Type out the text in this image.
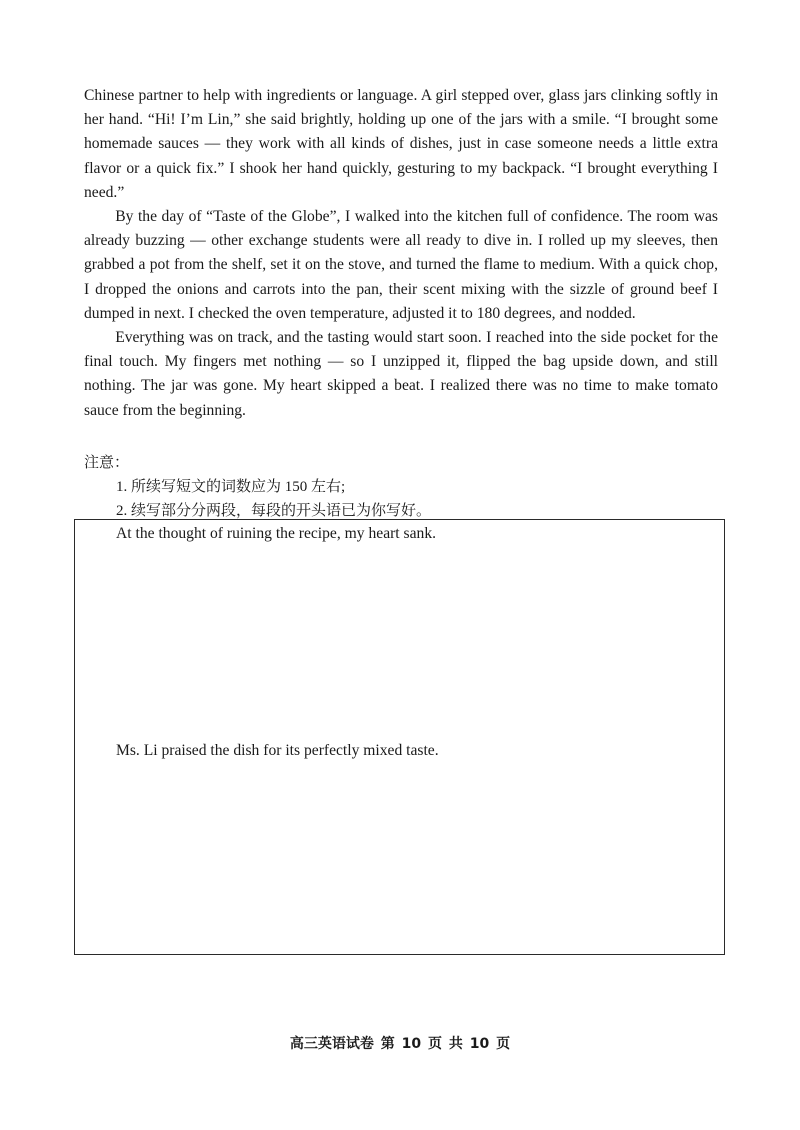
Chinese partner to help with ingredients or language. A girl stepped over, glass jars clinking softly in her hand. “Hi! I’m Lin,” she said brightly, holding up one of the jars with a smile. “I brought some homemade sauces — they work with all kinds of dishes, just in case someone needs a little extra flavor or a quick fix.” I shook her hand quickly, gesturing to my backpack. “I brought everything I need.”

By the day of “Taste of the Globe”, I walked into the kitchen full of confidence. The room was already buzzing — other exchange students were all ready to dive in. I rolled up my sleeves, then grabbed a pot from the shelf, set it on the stove, and turned the flame to medium. With a quick chop, I dropped the onions and carrots into the pan, their scent mixing with the sizzle of ground beef I dumped in next. I checked the oven temperature, adjusted it to 180 degrees, and nodded.

Everything was on track, and the tasting would start soon. I reached into the side pocket for the final touch. My fingers met nothing — so I unzipped it, flipped the bag upside down, and still nothing. The jar was gone. My heart skipped a beat. I realized there was no time to make tomato sauce from the beginning.

注意：

1. 所续写短文的词数应为 150 左右;

2. 续写部分分两段，每段的开头语已为你写好。

At the thought of ruining the recipe, my heart sank.

Ms. Li praised the dish for its perfectly mixed taste.

高三英语试卷 第 10 页 共 10 页
